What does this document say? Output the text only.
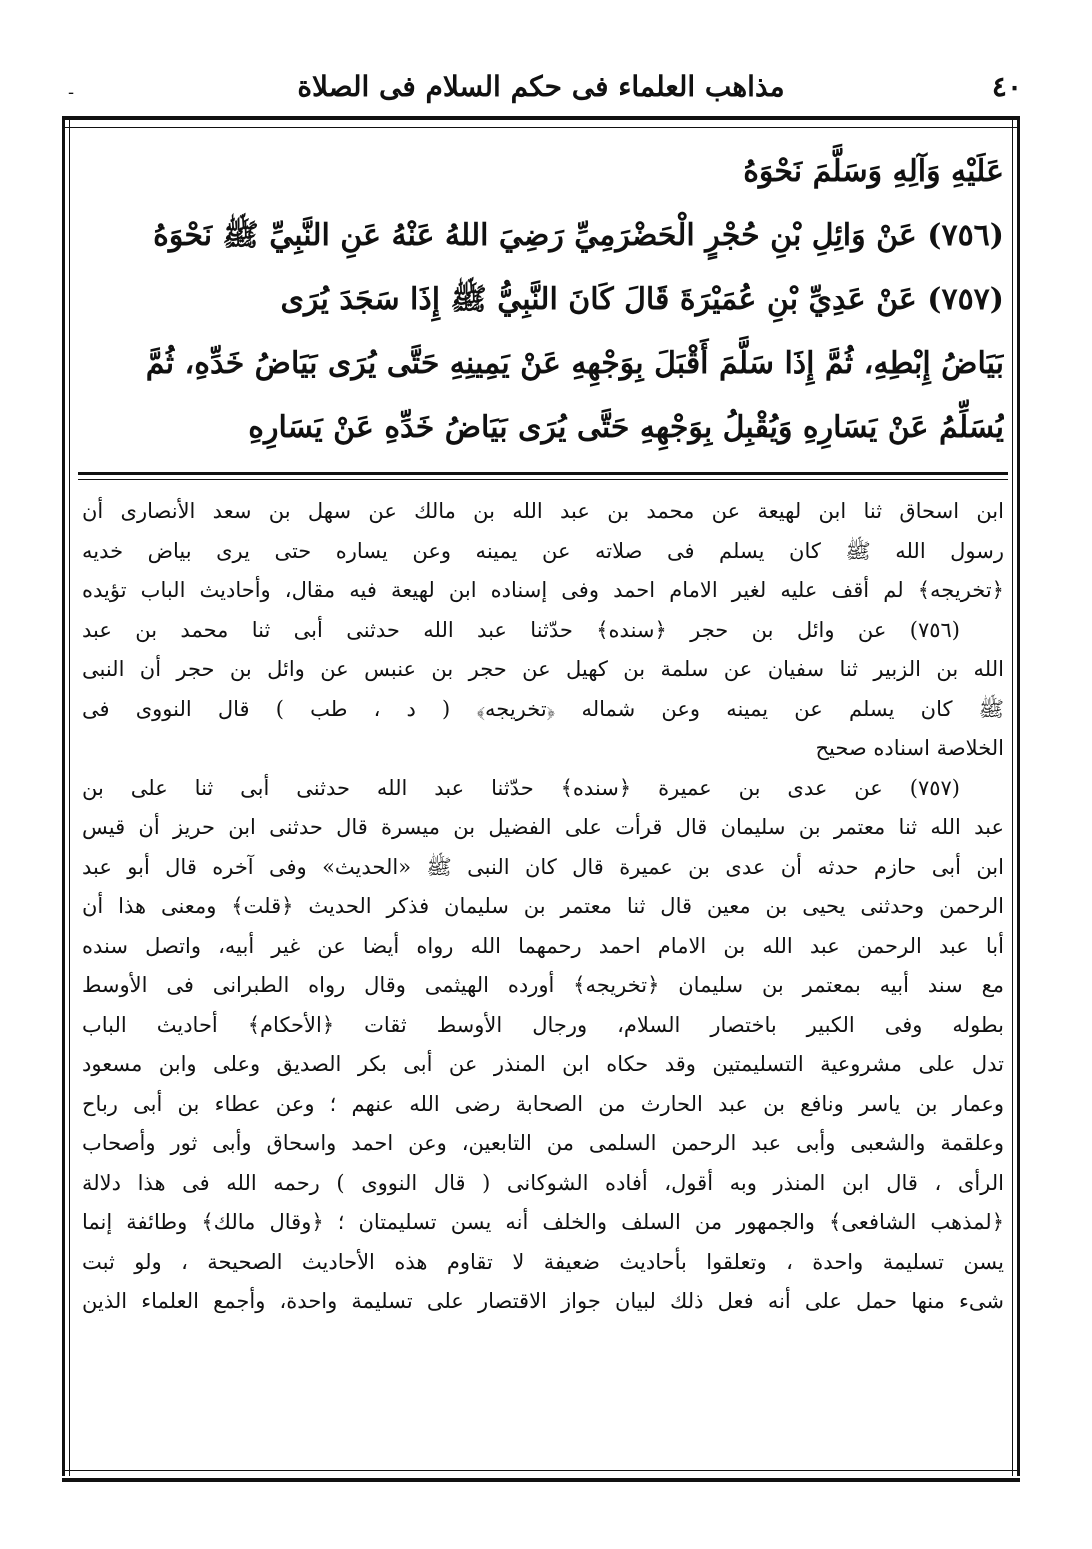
٤٠
مذاهب العلماء فى حكم السلام فى الصلاة
-
عَلَيْهِ وَآلِهِ وَسَلَّمَ نَحْوَهُ
(٧٥٦) عَنْ وَائِلِ بْنِ حُجْرٍ الْحَضْرَمِيِّ رَضِيَ اللهُ عَنْهُ عَنِ النَّبِيِّ ﷺ نَحْوَهُ
(٧٥٧) عَنْ عَدِيِّ بْنِ عُمَيْرَةَ قَالَ كَانَ النَّبِيُّ ﷺ إِذَا سَجَدَ يُرَى
بَيَاضُ إِبْطِهِ، ثُمَّ إِذَا سَلَّمَ أَقْبَلَ بِوَجْهِهِ عَنْ يَمِينِهِ حَتَّى يُرَى بَيَاضُ خَدِّهِ، ثُمَّ
يُسَلِّمُ عَنْ يَسَارِهِ وَيُقْبِلُ بِوَجْهِهِ حَتَّى يُرَى بَيَاضُ خَدِّهِ عَنْ يَسَارِهِ
ابن اسحاق ثنا ابن لهيعة عن محمد بن عبد الله بن مالك عن سهل بن سعد الأنصارى أن
رسول الله ﷺ كان يسلم فى صلاته عن يمينه وعن يساره حتى يرى بياض خديه
﴿تخريجه﴾ لم أقف عليه لغير الامام احمد وفى إسناده ابن لهيعة فيه مقال، وأحاديث الباب تؤيده
(٧٥٦) عن وائل بن حجر ﴿سنده﴾ حدّثنا عبد الله حدثنى أبى ثنا محمد بن عبد
الله بن الزبير ثنا سفيان عن سلمة بن كهيل عن حجر بن عنبس عن وائل بن حجر أن النبى
ﷺ كان يسلم عن يمينه وعن شماله ﴿تخريجه﴾ ( د ، طب ) قال النووى فى
الخلاصة اسناده صحيح
(٧٥٧) عن عدى بن عميرة ﴿سنده﴾ حدّثنا عبد الله حدثنى أبى ثنا على بن
عبد الله ثنا معتمر بن سليمان قال قرأت على الفضيل بن ميسرة قال حدثنى ابن حريز أن قيس
ابن أبى حازم حدثه أن عدى بن عميرة قال كان النبى ﷺ «الحديث» وفى آخره قال أبو عبد
الرحمن وحدثنى يحيى بن معين قال ثنا معتمر بن سليمان فذكر الحديث ﴿قلت﴾ ومعنى هذا أن
أبا عبد الرحمن عبد الله بن الامام احمد رحمهما الله رواه أيضا عن غير أبيه، واتصل سنده
مع سند أبيه بمعتمر بن سليمان ﴿تخريجه﴾ أورده الهيثمى وقال رواه الطبرانى فى الأوسط
بطوله وفى الكبير باختصار السلام، ورجال الأوسط ثقات ﴿الأحكام﴾ أحاديث الباب
تدل على مشروعية التسليمتين وقد حكاه ابن المنذر عن أبى بكر الصديق وعلى وابن مسعود
وعمار بن ياسر ونافع بن عبد الحارث من الصحابة رضى الله عنهم ؛ وعن عطاء بن أبى رباح
وعلقمة والشعبى وأبى عبد الرحمن السلمى من التابعين، وعن احمد واسحاق وأبى ثور وأصحاب
الرأى ، قال ابن المنذر وبه أقول، أفاده الشوكانى ( قال النووى ) رحمه الله فى هذا دلالة
﴿لمذهب الشافعى﴾ والجمهور من السلف والخلف أنه يسن تسليمتان ؛ ﴿وقال مالك﴾ وطائفة إنما
يسن تسليمة واحدة ، وتعلقوا بأحاديث ضعيفة لا تقاوم هذه الأحاديث الصحيحة ، ولو ثبت
شىء منها حمل على أنه فعل ذلك لبيان جواز الاقتصار على تسليمة واحدة، وأجمع العلماء الذين
